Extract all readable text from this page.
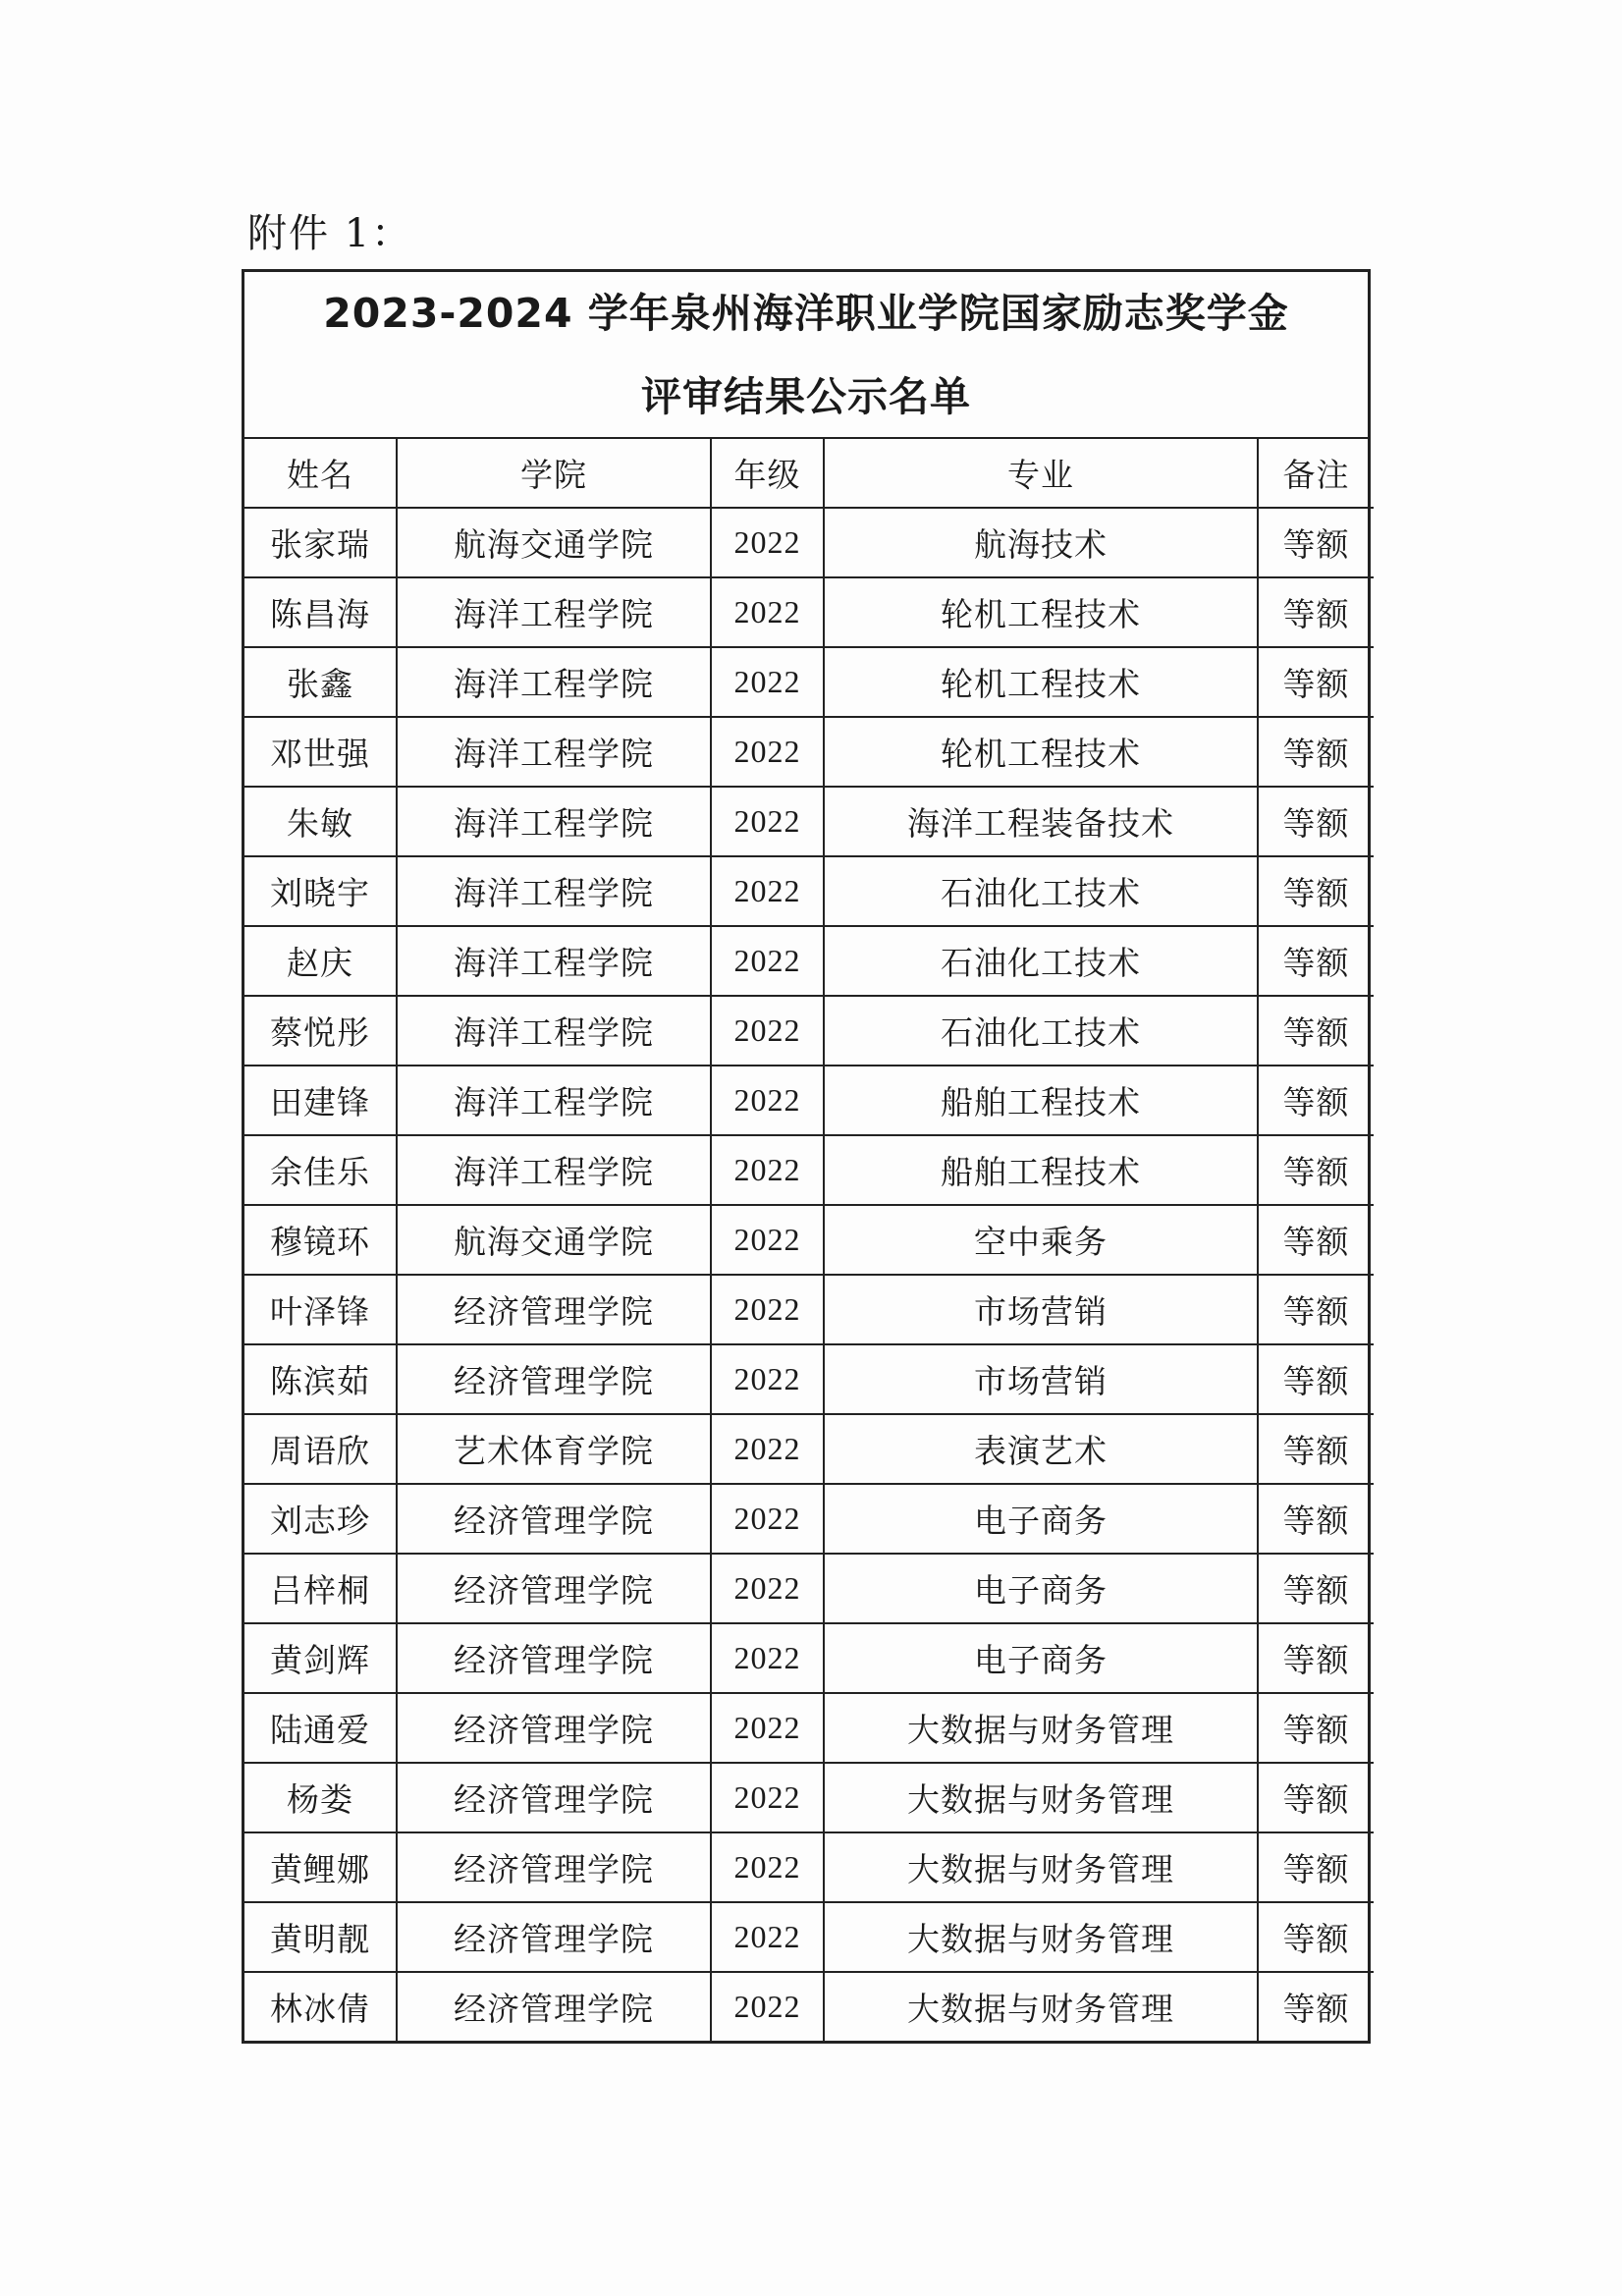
附件 1：
2023-2024 学年泉州海洋职业学院国家励志奖学金
评审结果公示名单
姓名	学院	年级	专业	备注
张家瑞	航海交通学院	2022	航海技术	等额
陈昌海	海洋工程学院	2022	轮机工程技术	等额
张鑫	海洋工程学院	2022	轮机工程技术	等额
邓世强	海洋工程学院	2022	轮机工程技术	等额
朱敏	海洋工程学院	2022	海洋工程装备技术	等额
刘晓宇	海洋工程学院	2022	石油化工技术	等额
赵庆	海洋工程学院	2022	石油化工技术	等额
蔡悦彤	海洋工程学院	2022	石油化工技术	等额
田建锋	海洋工程学院	2022	船舶工程技术	等额
余佳乐	海洋工程学院	2022	船舶工程技术	等额
穆镜环	航海交通学院	2022	空中乘务	等额
叶泽锋	经济管理学院	2022	市场营销	等额
陈滨茹	经济管理学院	2022	市场营销	等额
周语欣	艺术体育学院	2022	表演艺术	等额
刘志珍	经济管理学院	2022	电子商务	等额
吕梓桐	经济管理学院	2022	电子商务	等额
黄剑辉	经济管理学院	2022	电子商务	等额
陆通爱	经济管理学院	2022	大数据与财务管理	等额
杨娄	经济管理学院	2022	大数据与财务管理	等额
黄鲤娜	经济管理学院	2022	大数据与财务管理	等额
黄明靓	经济管理学院	2022	大数据与财务管理	等额
林冰倩	经济管理学院	2022	大数据与财务管理	等额
